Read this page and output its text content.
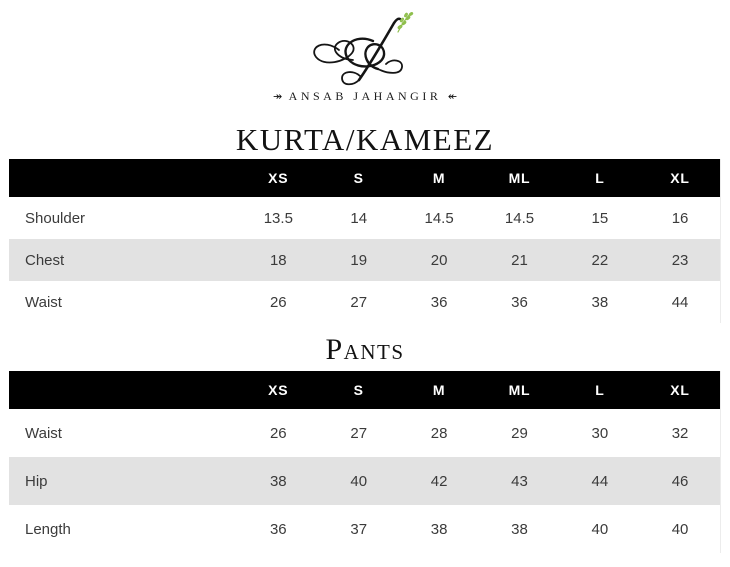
↠ ANSAB JAHANGIR ↞
KURTA/KAMEEZ
	XS	S	M	ML	L	XL
Shoulder	13.5	14	14.5	14.5	15	16
Chest	18	19	20	21	22	23
Waist	26	27	36	36	38	44
Pants
	XS	S	M	ML	L	XL
Waist	26	27	28	29	30	32
Hip	38	40	42	43	44	46
Length	36	37	38	38	40	40
